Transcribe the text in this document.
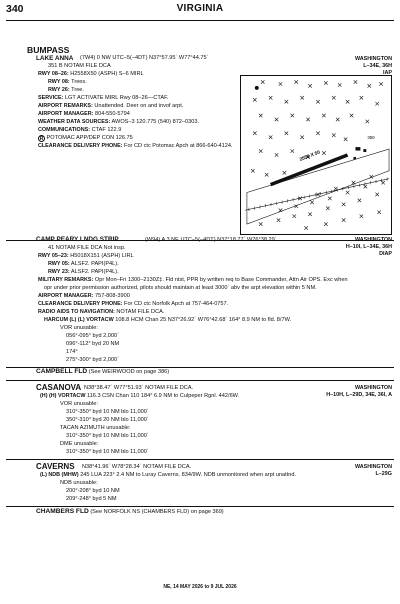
340	VIRGINIA
BUMPASS
LAKE ANNA (7W4) 0 NW UTC–5(–4DT) N37°57.95´ W77°44.75´
351 B NOTAM FILE DCA
WASHINGTON
L–34E, 36H
IAP
RWY 08–26: H2558X50 (ASPH) S–6 MIRL
RWY 08: Trees.
RWY 26: Tree.
SERVICE: LGT ACTIVATE MIRL Rwy 08–26—CTAF.
AIRPORT REMARKS: Unattended. Deer on and invof arpt.
AIRPORT MANAGER: 804-550-5794
WEATHER DATA SOURCES: AWOS–3 120.775 (540) 872–0303.
COMMUNICATIONS: CTAF 122.9
R POTOMAC APP/DEP CON 126.75
CLEARANCE DELIVERY PHONE: For CD ctc Potomac Apch at 866-640-4124.
2558 X 50
350
CAMP PEARY LNDG STRIP	(W94) A 3 NE UTC–5(–4DT) N37°18.77´ W76°38.29´
41 NOTAM FILE DCA Not insp.
WASHINGTON
H–10I, L–34E, 36H
DIAP
RWY 05–23: H5018X151 (ASPH) LIRL
RWY 05: ALSF2. PAPI(P4L).
RWY 23: ALSF2. PAPI(P4L).
MILITARY REMARKS: Opr Mon–Fri 1300–2130Z‡. Fld ntst, PPR by written req to Base Commander, Attn Air OPS. Exc when
opr under prior permission authorized, pilots should maintain at least 3000´ abv the arpt elevation within 5 NM.
AIRPORT MANAGER: 757-808-3900
CLEARANCE DELIVERY PHONE: For CD ctc Norfolk Apch at 757-464-0757.
RADIO AIDS TO NAVIGATION: NOTAM FILE DCA.
HARCUM (L) (L) VORTACW 108.8 HCM Chan 25 N37°26.92´ W76°42.68´ 164° 8.9 NM to fld. 8/7W.
VOR unusable:
056°-095° byd 2,000´
096°-112° byd 20 NM
174°
275°-300° byd 2,000´
CAMPBELL FLD (See WEIRWOOD on page 386)
CASANOVA N38°38.47´ W77°51.93´ NOTAM FILE DCA.	WASHINGTON
H–10H, L–29D, 34E, 36I, A
(H) (H) VORTACW 116.3 CSN Chan 110 184° 6.9 NM to Culpeper Rgnl. 442/6W.
VOR unusable:
310°-350° byd 10 NM blo 11,000´
350°-310° byd 20 NM blo 11,000´
TACAN AZIMUTH unusable:
310°-350° byd 10 NM blo 11,000´
DME unusable:
310°-350° byd 10 NM blo 11,000´
CAVERNS N38°41.96´ W78°28.34´ NOTAM FILE DCA.	WASHINGTON
L–29G
(L) NDB (MHW) 245 LUA 223° 2.4 NM to Luray Caverns. 834/9W. NDB unmonitored when arpt unattnd.
NDB unusable:
200°-208° byd 10 NM
209°-248° byd 5 NM
CHAMBERS FLD (See NORFOLK NS (CHAMBERS FLD) on page 369)
NE, 14 MAY 2026 to 9 JUL 2026
